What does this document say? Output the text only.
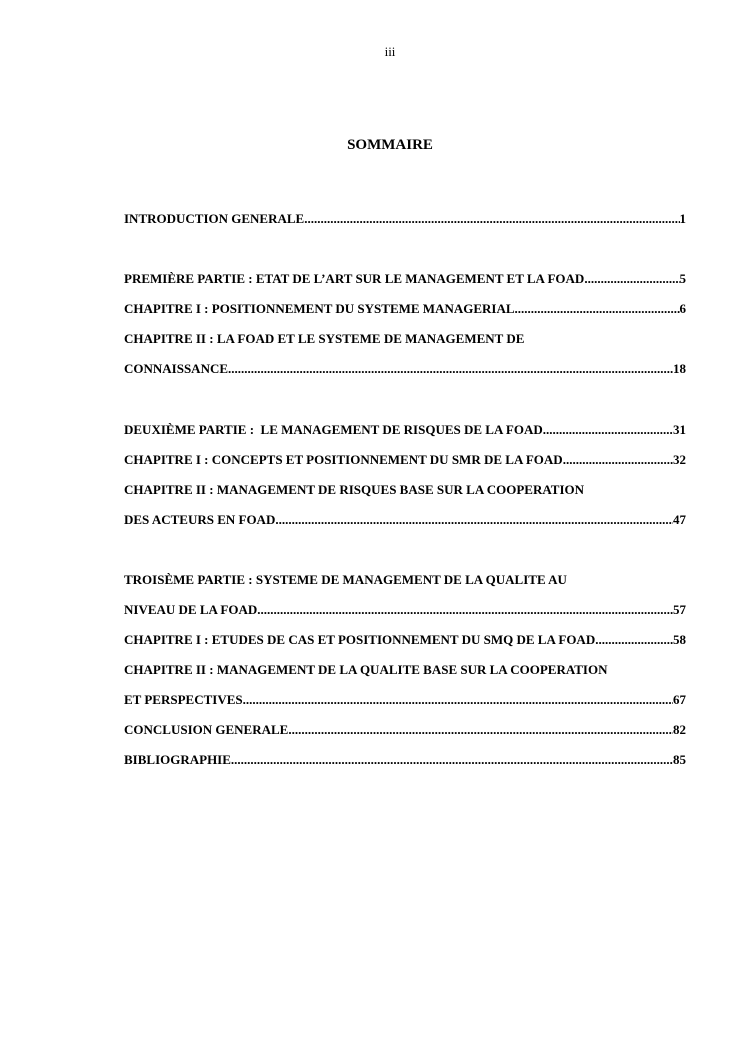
iii
SOMMAIRE
INTRODUCTION GENERALE .....	1
PREMIÈRE PARTIE : ETAT DE L’ART SUR LE MANAGEMENT ET LA FOAD .....	5
CHAPITRE I : POSITIONNEMENT DU SYSTEME MANAGERIAL .....	6
CHAPITRE II : LA FOAD ET LE SYSTEME DE MANAGEMENT DE
CONNAISSANCE .....	18
DEUXIÈME PARTIE :  LE MANAGEMENT DE RISQUES DE LA FOAD .....	31
CHAPITRE I : CONCEPTS ET POSITIONNEMENT DU SMR DE LA FOAD .....	32
CHAPITRE II : MANAGEMENT DE RISQUES BASE SUR LA COOPERATION
DES ACTEURS EN FOAD .....	47
TROISÈME PARTIE : SYSTEME DE MANAGEMENT DE LA QUALITE AU
NIVEAU DE LA FOAD .....	57
CHAPITRE I : ETUDES DE CAS ET POSITIONNEMENT DU SMQ DE LA FOAD .....	58
CHAPITRE II : MANAGEMENT DE LA QUALITE BASE SUR LA COOPERATION
ET PERSPECTIVES .....	67
CONCLUSION GENERALE .....	82
BIBLIOGRAPHIE .....	85
